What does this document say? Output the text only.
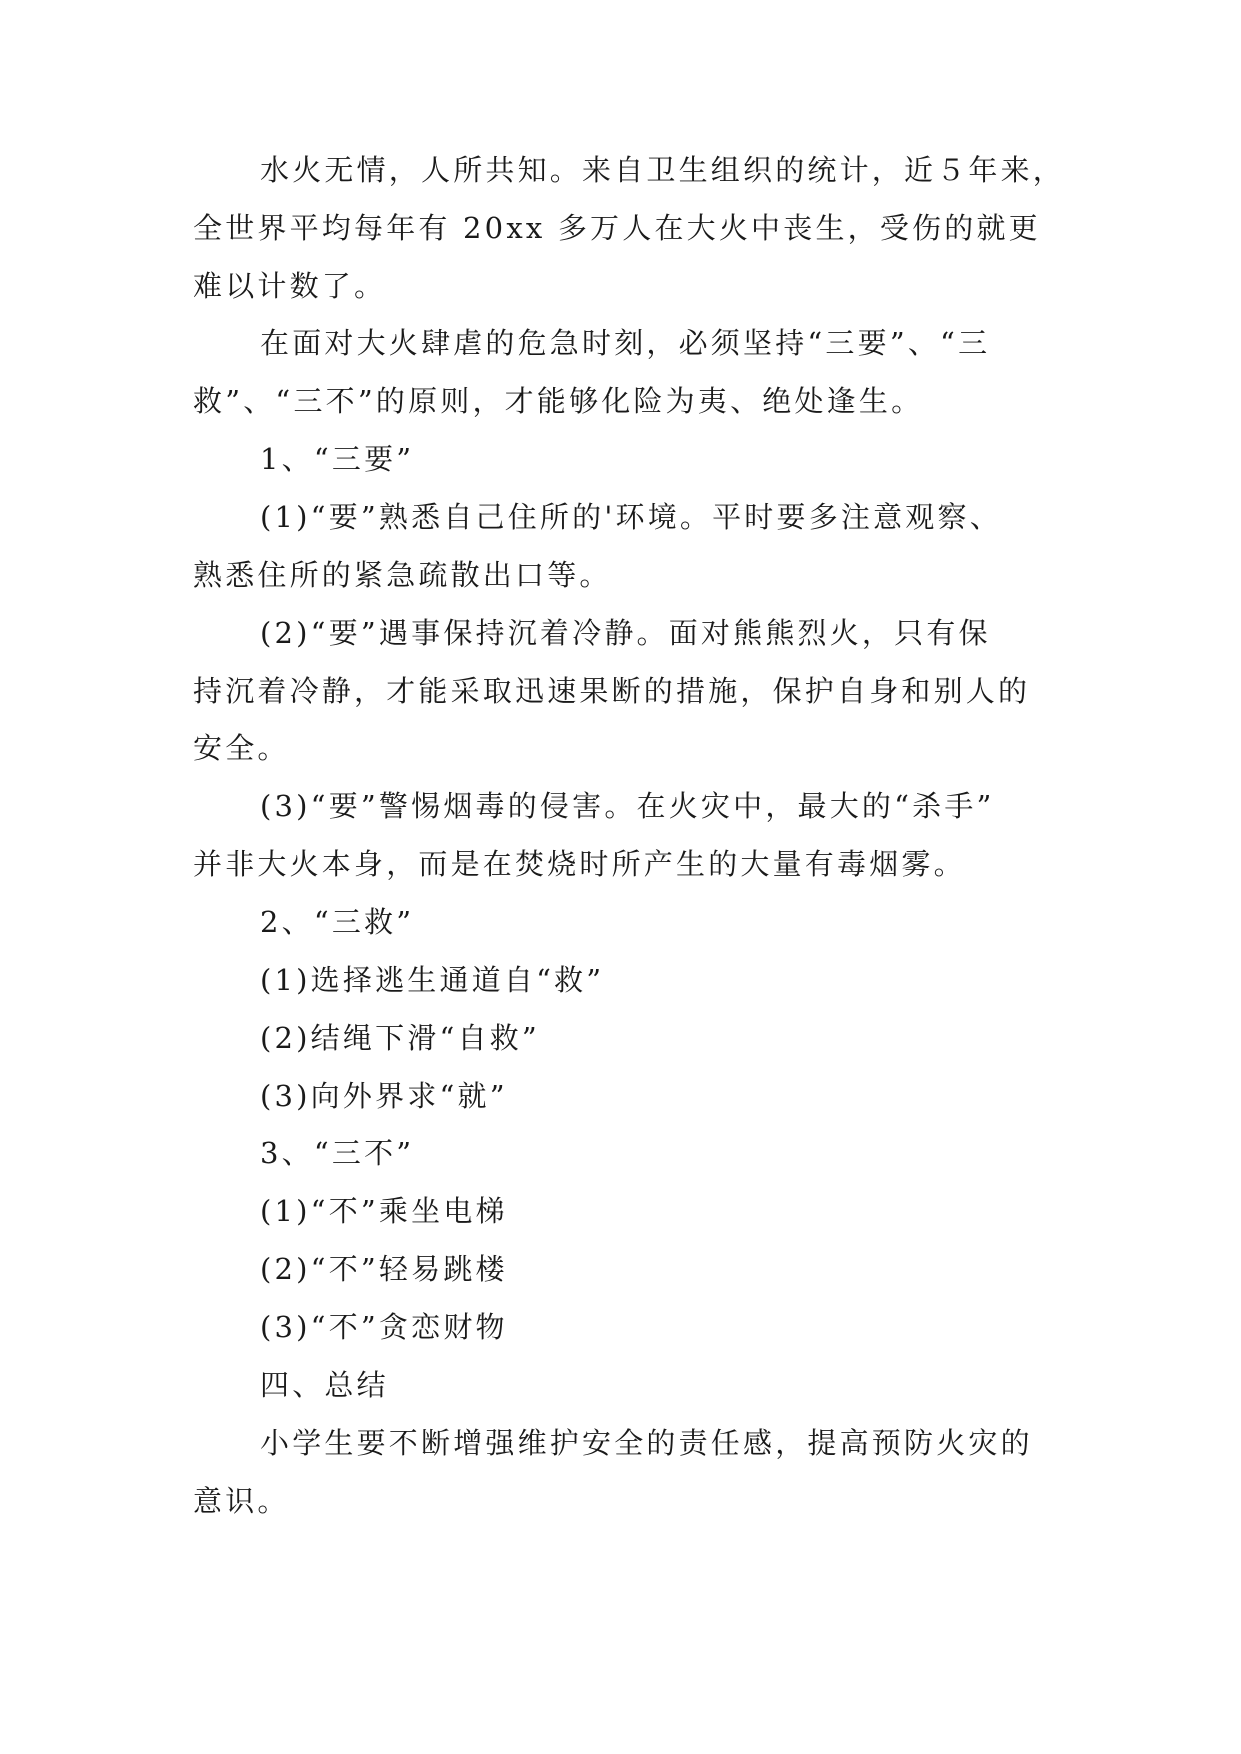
水火无情，人所共知。来自卫生组织的统计，近５年来，
全世界平均每年有 20xx 多万人在大火中丧生，受伤的就更
难以计数了。
在面对大火肆虐的危急时刻，必须坚持“三要”、“三
救”、“三不”的原则，才能够化险为夷、绝处逢生。
1、“三要”
(1)“要”熟悉自己住所的'环境。平时要多注意观察、
熟悉住所的紧急疏散出口等。
(2)“要”遇事保持沉着冷静。面对熊熊烈火，只有保
持沉着冷静，才能采取迅速果断的措施，保护自身和别人的
安全。
(3)“要”警惕烟毒的侵害。在火灾中，最大的“杀手”
并非大火本身，而是在焚烧时所产生的大量有毒烟雾。
2、“三救”
(1)选择逃生通道自“救”
(2)结绳下滑“自救”
(3)向外界求“就”
3、“三不”
(1)“不”乘坐电梯
(2)“不”轻易跳楼
(3)“不”贪恋财物
四、总结
小学生要不断增强维护安全的责任感，提高预防火灾的
意识。
